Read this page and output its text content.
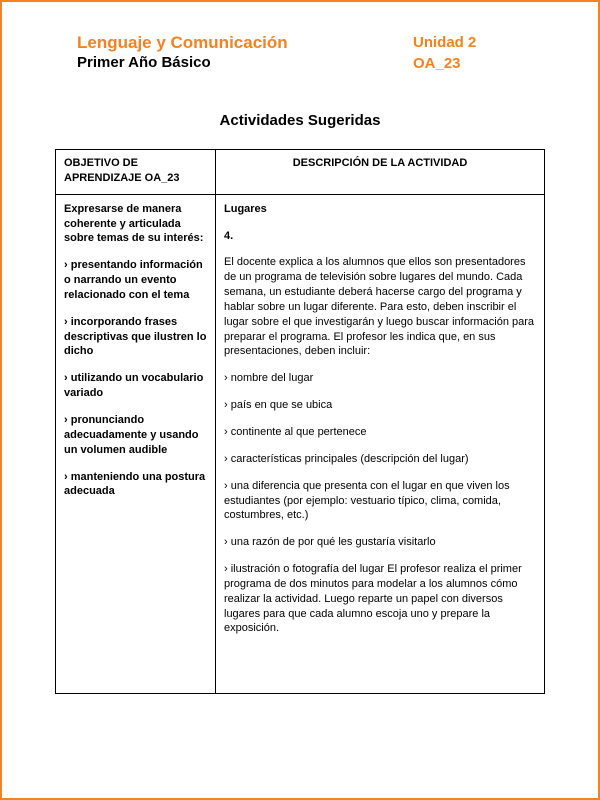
Lenguaje y Comunicación
Primer Año Básico
Unidad 2
OA_23
Actividades Sugeridas
OBJETIVO DE APRENDIZAJE OA_23
DESCRIPCIÓN DE LA ACTIVIDAD

Expresarse de manera coherente y articulada sobre temas de su interés:

› presentando información o narrando un evento relacionado con el tema

› incorporando frases descriptivas que ilustren lo dicho

› utilizando un vocabulario variado

› pronunciando adecuadamente y usando un volumen audible

› manteniendo una postura adecuada

Lugares

4.

El docente explica a los alumnos que ellos son presentadores de un programa de televisión sobre lugares del mundo. Cada semana, un estudiante deberá hacerse cargo del programa y hablar sobre un lugar diferente. Para esto, deben inscribir el lugar sobre el que investigarán y luego buscar información para preparar el programa. El profesor les indica que, en sus presentaciones, deben incluir:

› nombre del lugar

› país en que se ubica

› continente al que pertenece

› características principales (descripción del lugar)

› una diferencia que presenta con el lugar en que viven los estudiantes (por ejemplo: vestuario típico, clima, comida, costumbres, etc.)

› una razón de por qué les gustaría visitarlo

› ilustración o fotografía del lugar El profesor realiza el primer programa de dos minutos para modelar a los alumnos cómo realizar la actividad. Luego reparte un papel con diversos lugares para que cada alumno escoja uno y prepare la exposición.
